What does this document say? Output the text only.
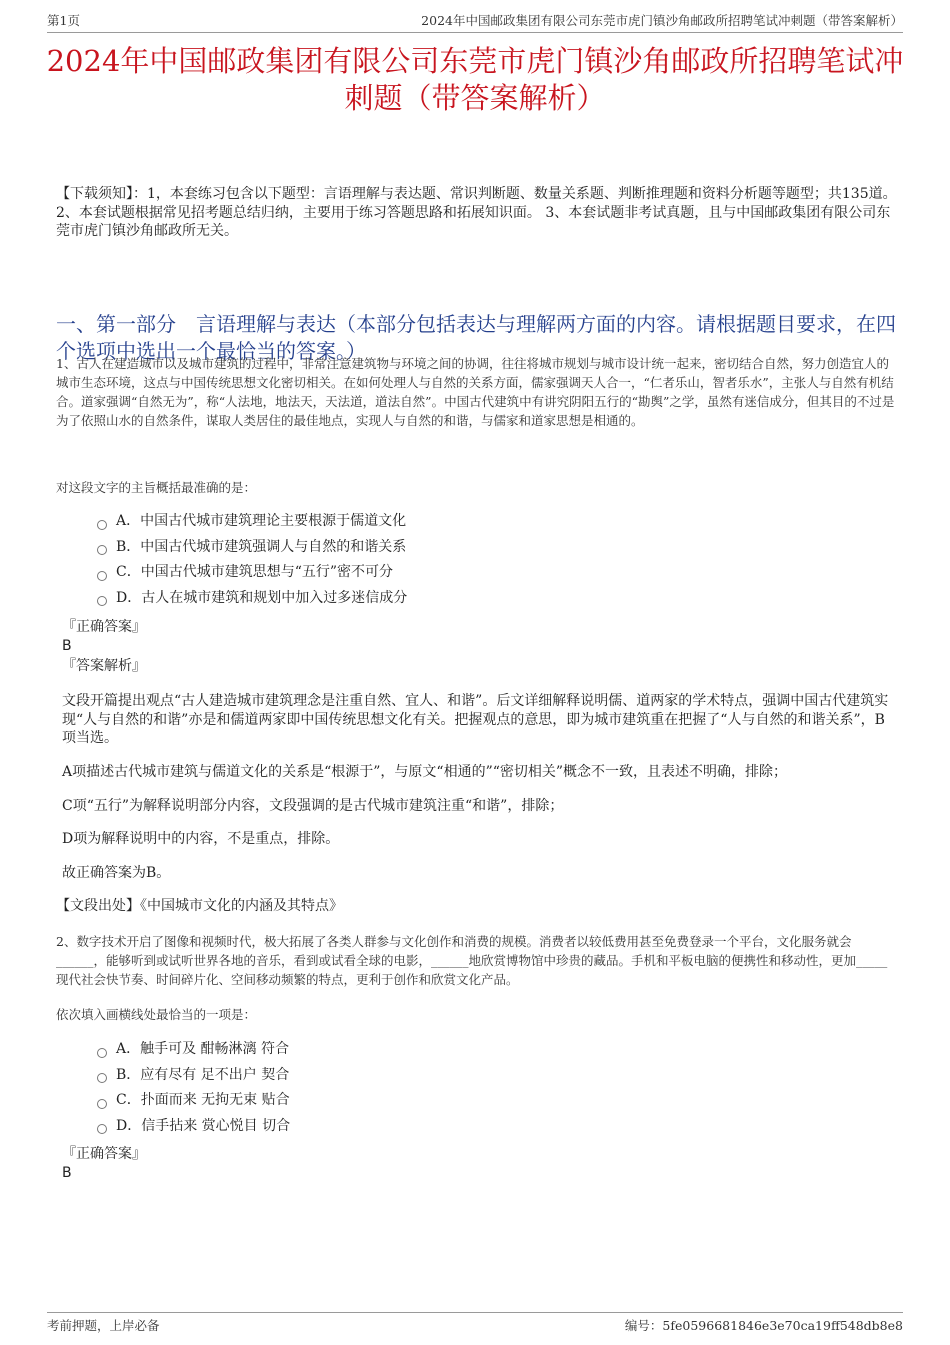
第1页	2024年中国邮政集团有限公司东莞市虎门镇沙角邮政所招聘笔试冲刺题（带答案解析）
2024年中国邮政集团有限公司东莞市虎门镇沙角邮政所招聘笔试冲刺题（带答案解析）
【下载须知】：1，本套练习包含以下题型：言语理解与表达题、常识判断题、数量关系题、判断推理题和资料分析题等题型；共135道。 2、本套试题根据常见招考题总结归纳，主要用于练习答题思路和拓展知识面。 3、本套试题非考试真题，且与中国邮政集团有限公司东莞市虎门镇沙角邮政所无关。
一、第一部分　言语理解与表达（本部分包括表达与理解两方面的内容。请根据题目要求，在四个选项中选出一个最恰当的答案。）
1、古人在建造城市以及城市建筑的过程中，非常注意建筑物与环境之间的协调，往往将城市规划与城市设计统一起来，密切结合自然，努力创造宜人的城市生态环境，这点与中国传统思想文化密切相关。在如何处理人与自然的关系方面，儒家强调天人合一，“仁者乐山，智者乐水”，主张人与自然有机结合。道家强调“自然无为”，称“人法地，地法天，天法道，道法自然”。中国古代建筑中有讲究阴阳五行的“勘舆”之学，虽然有迷信成分，但其目的不过是为了依照山水的自然条件，谋取人类居住的最佳地点，实现人与自然的和谐，与儒家和道家思想是相通的。
对这段文字的主旨概括最准确的是：
A．中国古代城市建筑理论主要根源于儒道文化
B．中国古代城市建筑强调人与自然的和谐关系
C．中国古代城市建筑思想与“五行”密不可分
D．古人在城市建筑和规划中加入过多迷信成分
『正确答案』
B
『答案解析』
文段开篇提出观点“古人建造城市建筑理念是注重自然、宜人、和谐”。后文详细解释说明儒、道两家的学术特点，强调中国古代建筑实现“人与自然的和谐”亦是和儒道两家即中国传统思想文化有关。把握观点的意思，即为城市建筑重在把握了“人与自然的和谐关系”，B项当选。
A项描述古代城市建筑与儒道文化的关系是“根源于”，与原文“相通的”“密切相关”概念不一致，且表述不明确，排除；
C项“五行”为解释说明部分内容，文段强调的是古代城市建筑注重“和谐”，排除；
D项为解释说明中的内容，不是重点，排除。
故正确答案为B。
【文段出处】《中国城市文化的内涵及其特点》
2、数字技术开启了图像和视频时代，极大拓展了各类人群参与文化创作和消费的规模。消费者以较低费用甚至免费登录一个平台，文化服务就会______，能够听到或试听世界各地的音乐，看到或试看全球的电影，______地欣赏博物馆中珍贵的藏品。手机和平板电脑的便携性和移动性，更加_____现代社会快节奏、时间碎片化、空间移动频繁的特点，更利于创作和欣赏文化产品。
依次填入画横线处最恰当的一项是：
A．触手可及 酣畅淋漓 符合
B．应有尽有 足不出户 契合
C．扑面而来 无拘无束 贴合
D．信手拈来 赏心悦目 切合
『正确答案』
B
考前押题，上岸必备	编号：5fe0596681846e3e70ca19ff548db8e8
